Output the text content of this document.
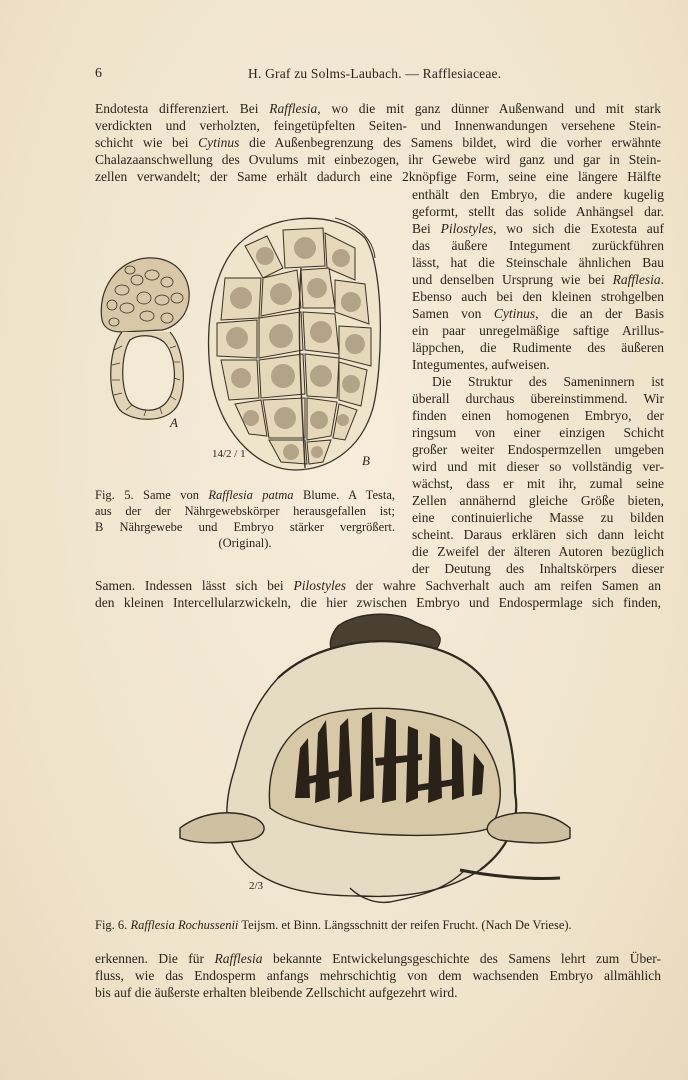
6	H. Graf zu Solms-Laubach. — Rafflesiaceae.
Endotesta differenziert. Bei Rafflesia, wo die mit ganz dünner Außenwand und mit stark
verdickten und verholzten, feingetüpfelten Seiten- und Innenwandungen versehene Stein-
schicht wie bei Cytinus die Außenbegrenzung des Samens bildet, wird die vorher erwähnte
Chalazaanschwellung des Ovulums mit einbezogen, ihr Gewebe wird ganz und gar in Stein-
zellen verwandelt; der Same erhält dadurch eine 2knöpfige Form, seine eine längere Hälfte
enthält den Embryo, die andere kugelig
geformt, stellt das solide Anhängsel dar.
Bei Pilostyles, wo sich die Exotesta auf
das äußere Integument zurückführen
lässt, hat die Steinschale ähnlichen Bau
und denselben Ursprung wie bei Rafflesia.
Ebenso auch bei den kleinen strohgelben
Samen von Cytinus, die an der Basis
ein paar unregelmäßige saftige Arillus-
läppchen, die Rudimente des äußeren
Integumentes, aufweisen.
Die Struktur des Sameninnern ist
überall durchaus übereinstimmend. Wir
finden einen homogenen Embryo, der
ringsum von einer einzigen Schicht
großer weiter Endospermzellen umgeben
wird und mit dieser so vollständig ver-
wächst, dass er mit ihr, zumal seine
Zellen annähernd gleiche Größe bieten,
eine continuierliche Masse zu bilden
scheint. Daraus erklären sich dann leicht
die Zweifel der älteren Autoren bezüglich
der Deutung des Inhaltskörpers dieser
Samen. Indessen lässt sich bei Pilostyles der wahre Sachverhalt auch am reifen Samen an
den kleinen Intercellularzwickeln, die hier zwischen Embryo und Endospermlage sich finden,
A
14/2 / 1	B
Fig. 5. Same von Rafflesia patma Blume. A Testa,
aus der der Nährgewebskörper herausgefallen ist;
B Nährgewebe und Embryo stärker vergrößert.
(Original).
2/3
Fig. 6. Rafflesia Rochussenii Teijsm. et Binn. Längsschnitt der reifen Frucht. (Nach De Vriese).
erkennen. Die für Rafflesia bekannte Entwickelungsgeschichte des Samens lehrt zum Über-
fluss, wie das Endosperm anfangs mehrschichtig von dem wachsenden Embryo allmählich
bis auf die äußerste erhalten bleibende Zellschicht aufgezehrt wird.
